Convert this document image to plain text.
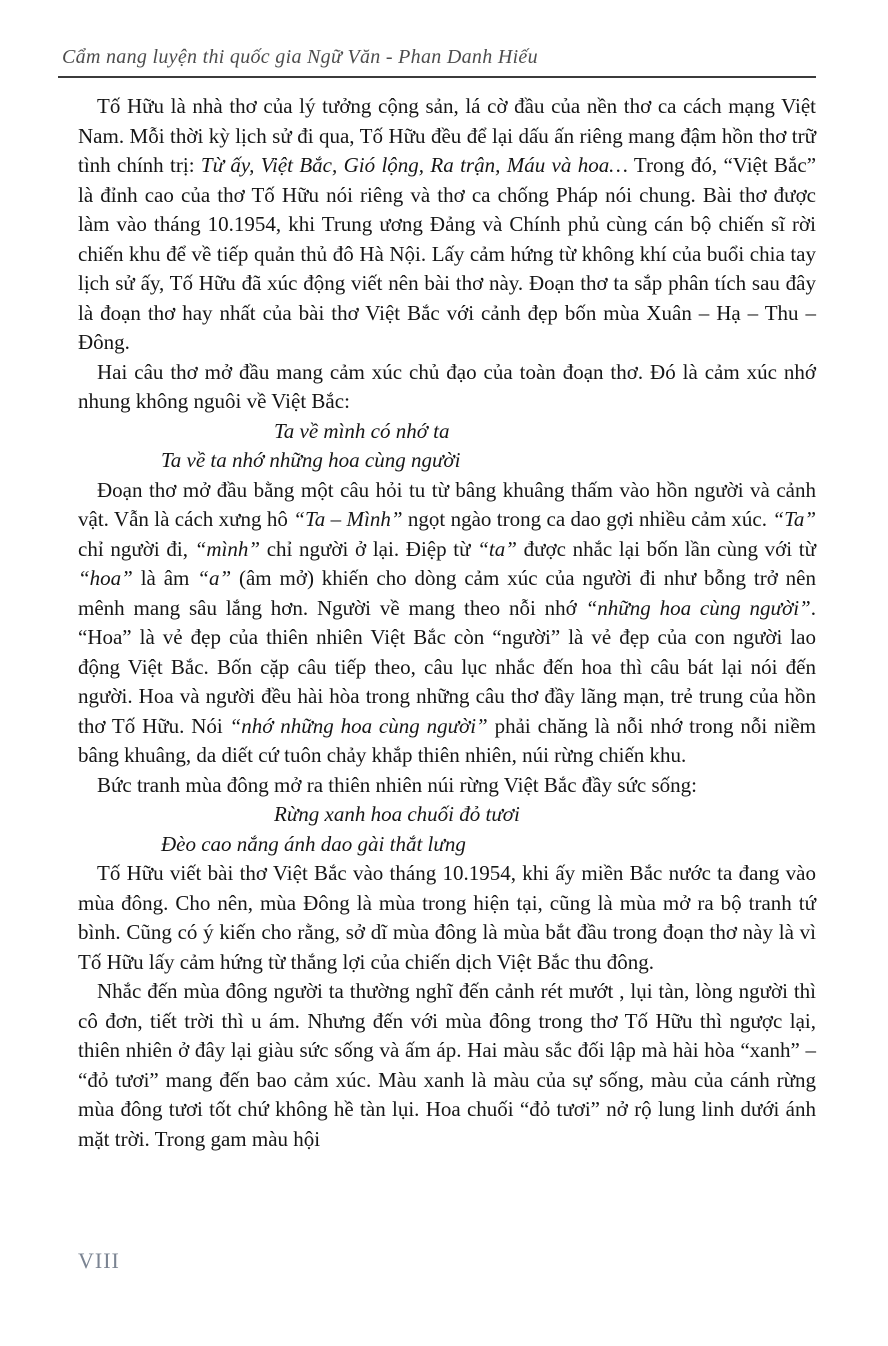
Cẩm nang luyện thi quốc gia Ngữ Văn - Phan Danh Hiếu

Tố Hữu là nhà thơ của lý tưởng cộng sản, lá cờ đầu của nền thơ ca cách mạng Việt Nam. Mỗi thời kỳ lịch sử đi qua, Tố Hữu đều để lại dấu ấn riêng mang đậm hồn thơ trữ tình chính trị: Từ ấy, Việt Bắc, Gió lộng, Ra trận, Máu và hoa… Trong đó, “Việt Bắc” là đỉnh cao của thơ Tố Hữu nói riêng và thơ ca chống Pháp nói chung. Bài thơ được làm vào tháng 10.1954, khi Trung ương Đảng và Chính phủ cùng cán bộ chiến sĩ rời chiến khu để về tiếp quản thủ đô Hà Nội. Lấy cảm hứng từ không khí của buổi chia tay lịch sử ấy, Tố Hữu đã xúc động viết nên bài thơ này. Đoạn thơ ta sắp phân tích sau đây là đoạn thơ hay nhất của bài thơ Việt Bắc với cảnh đẹp bốn mùa Xuân – Hạ – Thu – Đông.

Hai câu thơ mở đầu mang cảm xúc chủ đạo của toàn đoạn thơ. Đó là cảm xúc nhớ nhung không nguôi về Việt Bắc:

Ta về mình có nhớ ta

Ta về ta nhớ những hoa cùng người

Đoạn thơ mở đầu bằng một câu hỏi tu từ bâng khuâng thấm vào hồn người và cảnh vật. Vẫn là cách xưng hô “Ta – Mình” ngọt ngào trong ca dao gợi nhiều cảm xúc. “Ta” chỉ người đi, “mình” chỉ người ở lại. Điệp từ “ta” được nhắc lại bốn lần cùng với từ “hoa” là âm “a” (âm mở) khiến cho dòng cảm xúc của người đi như bỗng trở nên mênh mang sâu lắng hơn. Người về mang theo nỗi nhớ “những hoa cùng người”. “Hoa” là vẻ đẹp của thiên nhiên Việt Bắc còn “người” là vẻ đẹp của con người lao động Việt Bắc. Bốn cặp câu tiếp theo, câu lục nhắc đến hoa thì câu bát lại nói đến người. Hoa và người đều hài hòa trong những câu thơ đầy lãng mạn, trẻ trung của hồn thơ Tố Hữu. Nói “nhớ những hoa cùng người” phải chăng là nỗi nhớ trong nỗi niềm bâng khuâng, da diết cứ tuôn chảy khắp thiên nhiên, núi rừng chiến khu.

Bức tranh mùa đông mở ra thiên nhiên núi rừng Việt Bắc đầy sức sống:

Rừng xanh hoa chuối đỏ tươi

Đèo cao nắng ánh dao gài thắt lưng

Tố Hữu viết bài thơ Việt Bắc vào tháng 10.1954, khi ấy miền Bắc nước ta đang vào mùa đông. Cho nên, mùa Đông là mùa trong hiện tại, cũng là mùa mở ra bộ tranh tứ bình. Cũng có ý kiến cho rằng, sở dĩ mùa đông là mùa bắt đầu trong đoạn thơ này là vì Tố Hữu lấy cảm hứng từ thắng lợi của chiến dịch Việt Bắc thu đông.

Nhắc đến mùa đông người ta thường nghĩ đến cảnh rét mướt , lụi tàn, lòng người thì cô đơn, tiết trời thì u ám. Nhưng đến với mùa đông trong thơ Tố Hữu thì ngược lại, thiên nhiên ở đây lại giàu sức sống và ấm áp. Hai màu sắc đối lập mà hài hòa “xanh” – “đỏ tươi” mang đến bao cảm xúc. Màu xanh là màu của sự sống, màu của cánh rừng mùa đông tươi tốt chứ không hề tàn lụi. Hoa chuối “đỏ tươi” nở rộ lung linh dưới ánh mặt trời. Trong gam màu hội

VIII
